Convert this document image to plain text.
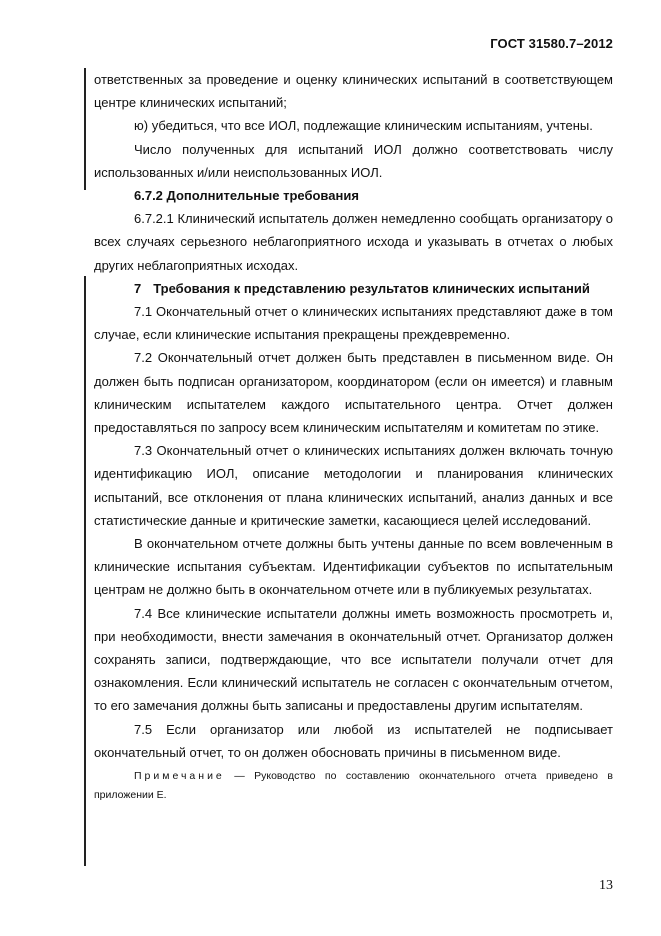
ГОСТ 31580.7–2012

ответственных за проведение и оценку клинических испытаний в соответствующем центре клинических испытаний;

ю) убедиться, что все ИОЛ, подлежащие клиническим испытаниям, учтены.

Число полученных для испытаний ИОЛ должно соответствовать числу использованных и/или неиспользованных ИОЛ.

6.7.2 Дополнительные требования

6.7.2.1 Клинический испытатель должен немедленно сообщать организатору о всех случаях серьезного неблагоприятного исхода и указывать в отчетах о любых других неблагоприятных исходах.

7 Требования к представлению результатов клинических испытаний

7.1 Окончательный отчет о клинических испытаниях представляют даже в том случае, если клинические испытания прекращены преждевременно.

7.2 Окончательный отчет должен быть представлен в письменном виде. Он должен быть подписан организатором, координатором (если он имеется) и главным клиническим испытателем каждого испытательного центра. Отчет должен предоставляться по запросу всем клиническим испытателям и комитетам по этике.

7.3 Окончательный отчет о клинических испытаниях должен включать точную идентификацию ИОЛ, описание методологии и планирования клинических испытаний, все отклонения от плана клинических испытаний, анализ данных и все статистические данные и критические заметки, касающиеся целей исследований.

В окончательном отчете должны быть учтены данные по всем вовлеченным в клинические испытания субъектам. Идентификации субъектов по испытательным центрам не должно быть в окончательном отчете или в публикуемых результатах.

7.4 Все клинические испытатели должны иметь возможность просмотреть и, при необходимости, внести замечания в окончательный отчет. Организатор должен сохранять записи, подтверждающие, что все испытатели получали отчет для ознакомления. Если клинический испытатель не согласен с окончательным отчетом, то его замечания должны быть записаны и предоставлены другим испытателям.

7.5 Если организатор или любой из испытателей не подписывает окончательный отчет, то он должен обосновать причины в письменном виде.

Примечание — Руководство по составлению окончательного отчета приведено в приложении Е.

13
